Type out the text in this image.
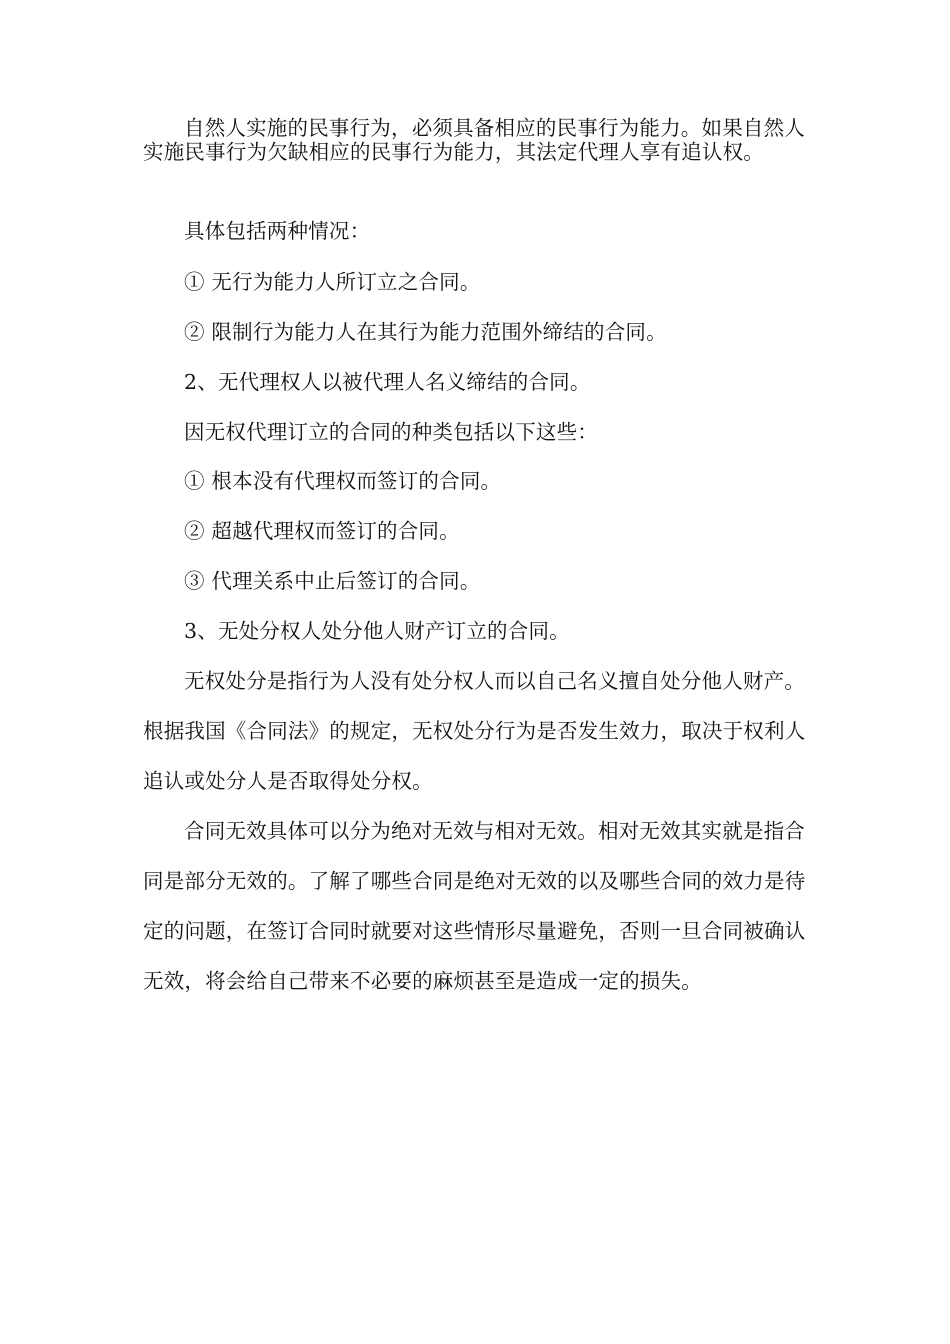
自然人实施的民事行为，必须具备相应的民事行为能力。如果自然人实施民事行为欠缺相应的民事行为能力，其法定代理人享有追认权。

具体包括两种情况：

① 无行为能力人所订立之合同。

② 限制行为能力人在其行为能力范围外缔结的合同。

2、无代理权人以被代理人名义缔结的合同。

因无权代理订立的合同的种类包括以下这些：

① 根本没有代理权而签订的合同。

② 超越代理权而签订的合同。

③ 代理关系中止后签订的合同。

3、无处分权人处分他人财产订立的合同。

无权处分是指行为人没有处分权人而以自己名义擅自处分他人财产。根据我国《合同法》的规定，无权处分行为是否发生效力，取决于权利人追认或处分人是否取得处分权。

合同无效具体可以分为绝对无效与相对无效。相对无效其实就是指合同是部分无效的。了解了哪些合同是绝对无效的以及哪些合同的效力是待定的问题，在签订合同时就要对这些情形尽量避免，否则一旦合同被确认无效，将会给自己带来不必要的麻烦甚至是造成一定的损失。
